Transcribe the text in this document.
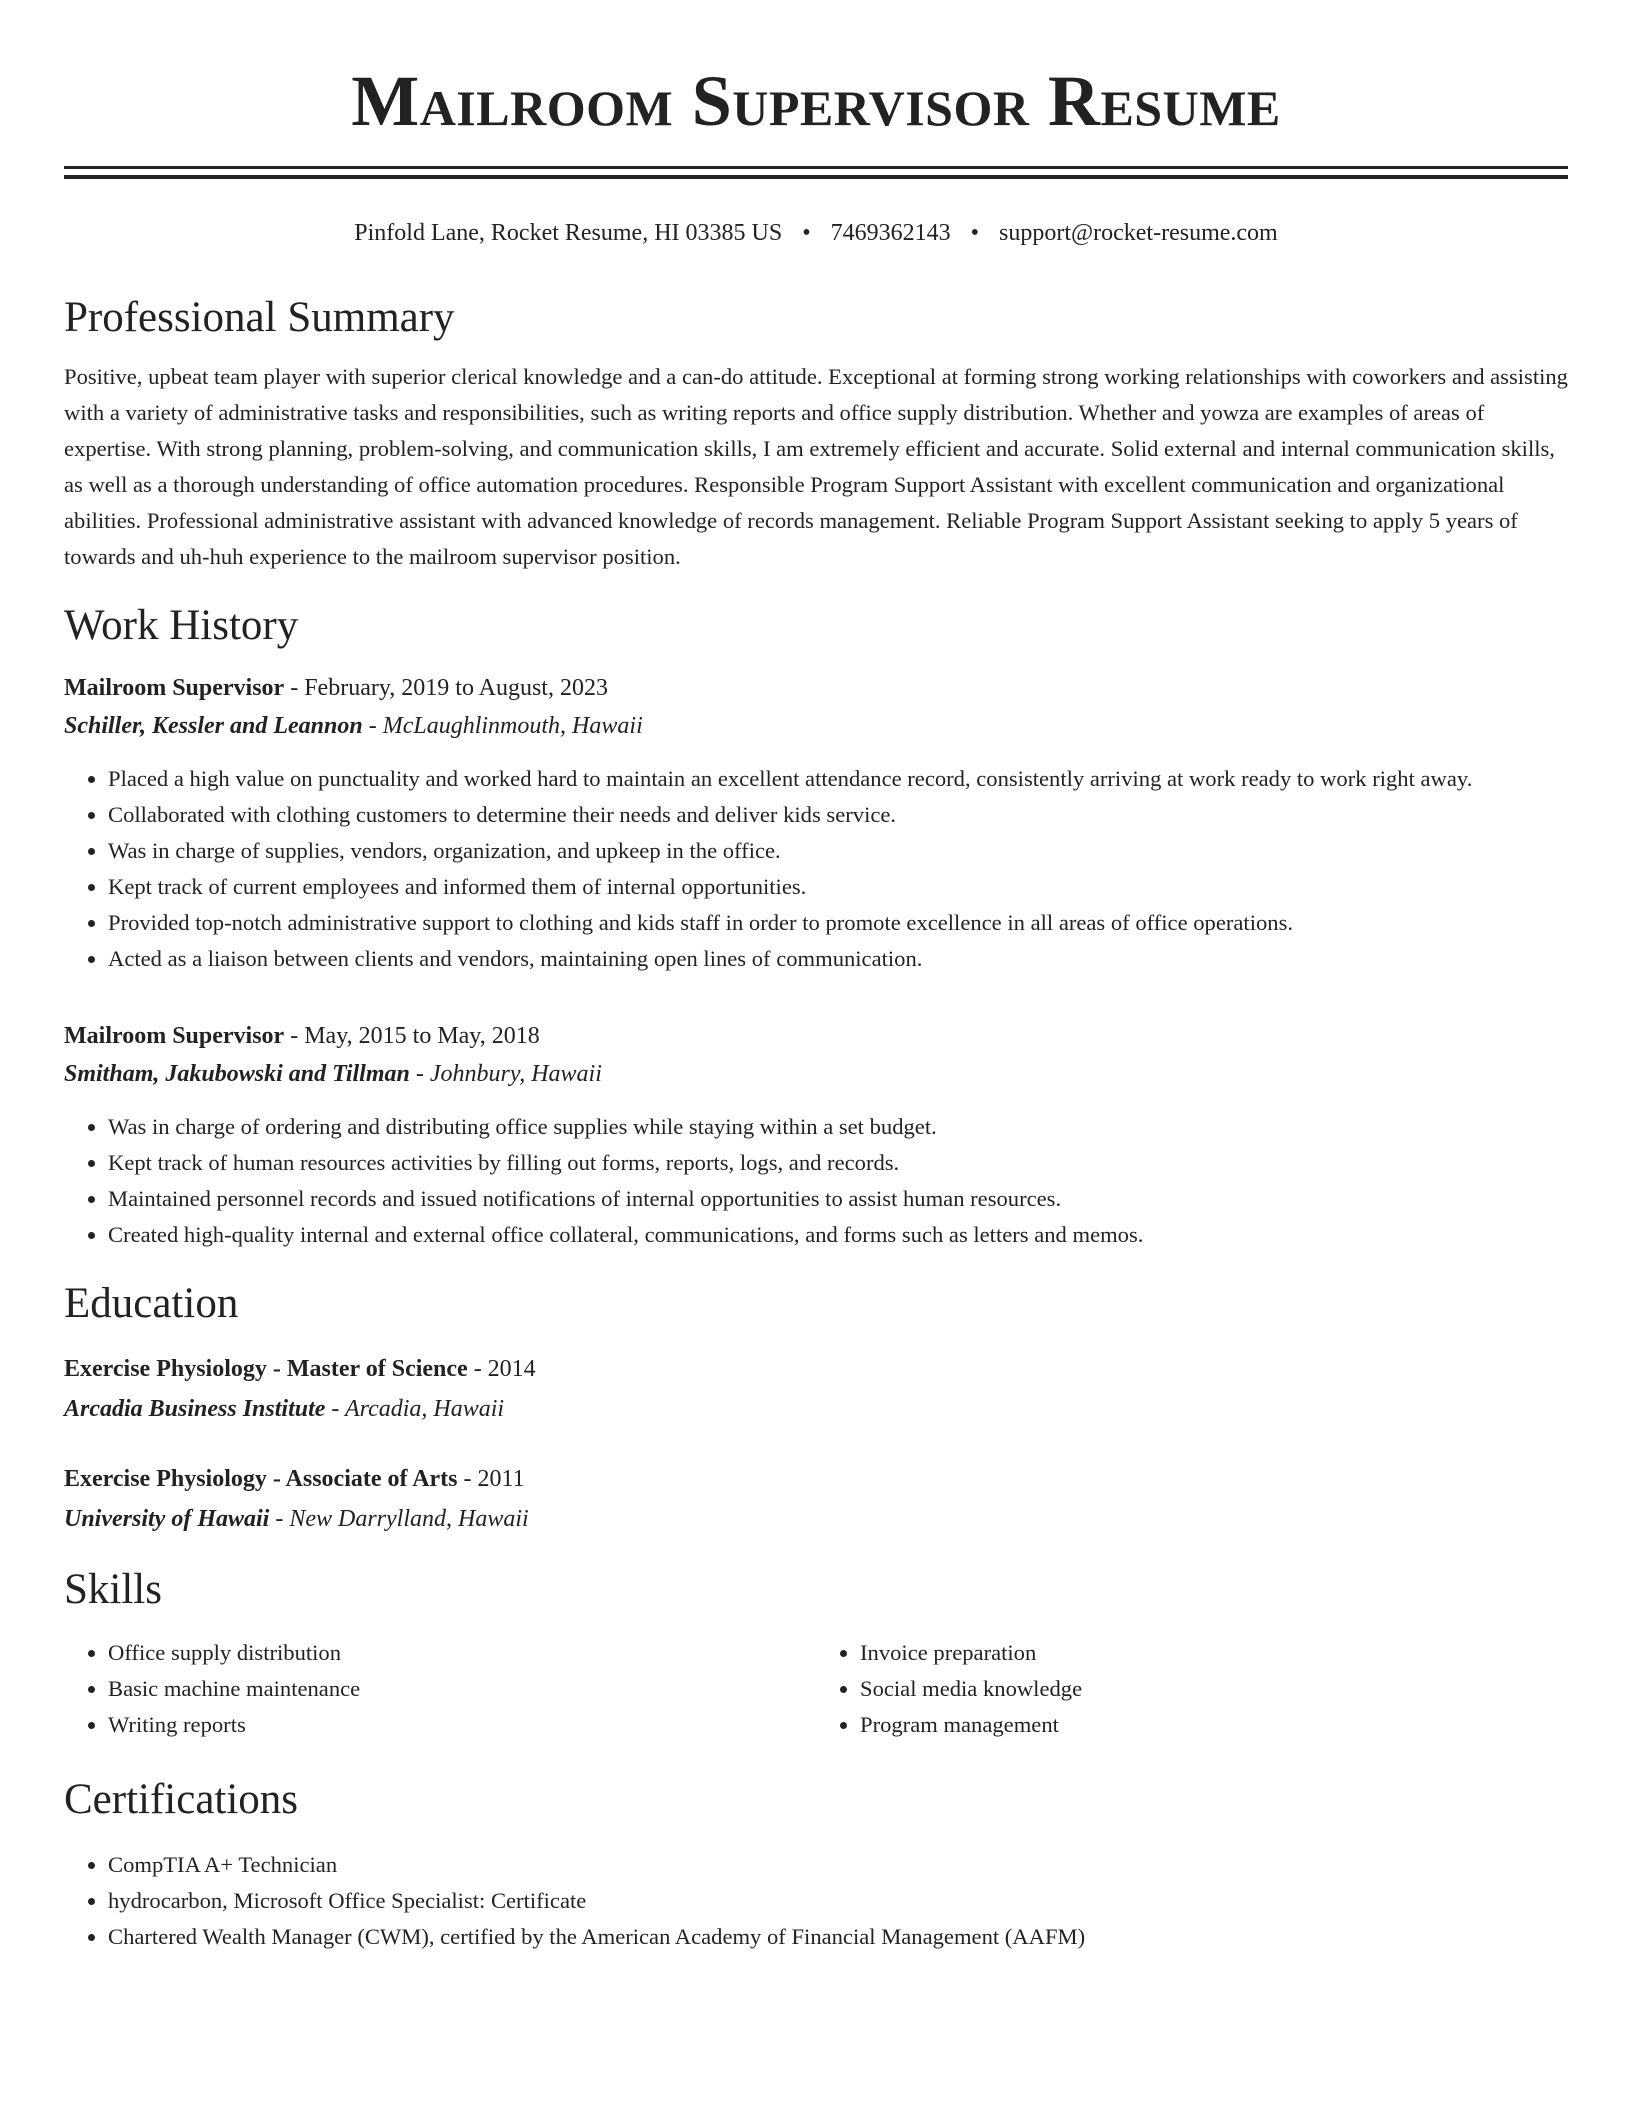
Mailroom Supervisor Resume
Pinfold Lane, Rocket Resume, HI 03385 US • 7469362143 • support@rocket-resume.com
Professional Summary

Positive, upbeat team player with superior clerical knowledge and a can-do attitude. Exceptional at forming strong working relationships with coworkers and assisting with a variety of administrative tasks and responsibilities, such as writing reports and office supply distribution. Whether and yowza are examples of areas of expertise. With strong planning, problem-solving, and communication skills, I am extremely efficient and accurate. Solid external and internal communication skills, as well as a thorough understanding of office automation procedures. Responsible Program Support Assistant with excellent communication and organizational abilities. Professional administrative assistant with advanced knowledge of records management. Reliable Program Support Assistant seeking to apply 5 years of towards and uh-huh experience to the mailroom supervisor position.

Work History
Mailroom Supervisor - February, 2019 to August, 2023
Schiller, Kessler and Leannon - McLaughlinmouth, Hawaii
• Placed a high value on punctuality and worked hard to maintain an excellent attendance record, consistently arriving at work ready to work right away.
• Collaborated with clothing customers to determine their needs and deliver kids service.
• Was in charge of supplies, vendors, organization, and upkeep in the office.
• Kept track of current employees and informed them of internal opportunities.
• Provided top-notch administrative support to clothing and kids staff in order to promote excellence in all areas of office operations.
• Acted as a liaison between clients and vendors, maintaining open lines of communication.
Mailroom Supervisor - May, 2015 to May, 2018
Smitham, Jakubowski and Tillman - Johnbury, Hawaii
• Was in charge of ordering and distributing office supplies while staying within a set budget.
• Kept track of human resources activities by filling out forms, reports, logs, and records.
• Maintained personnel records and issued notifications of internal opportunities to assist human resources.
• Created high-quality internal and external office collateral, communications, and forms such as letters and memos.
Education
Exercise Physiology - Master of Science - 2014
Arcadia Business Institute - Arcadia, Hawaii
Exercise Physiology - Associate of Arts - 2011
University of Hawaii - New Darrylland, Hawaii
Skills
• Office supply distribution
• Basic machine maintenance
• Writing reports
• Invoice preparation
• Social media knowledge
• Program management
Certifications
• CompTIA A+ Technician
• hydrocarbon, Microsoft Office Specialist: Certificate
• Chartered Wealth Manager (CWM), certified by the American Academy of Financial Management (AAFM)
